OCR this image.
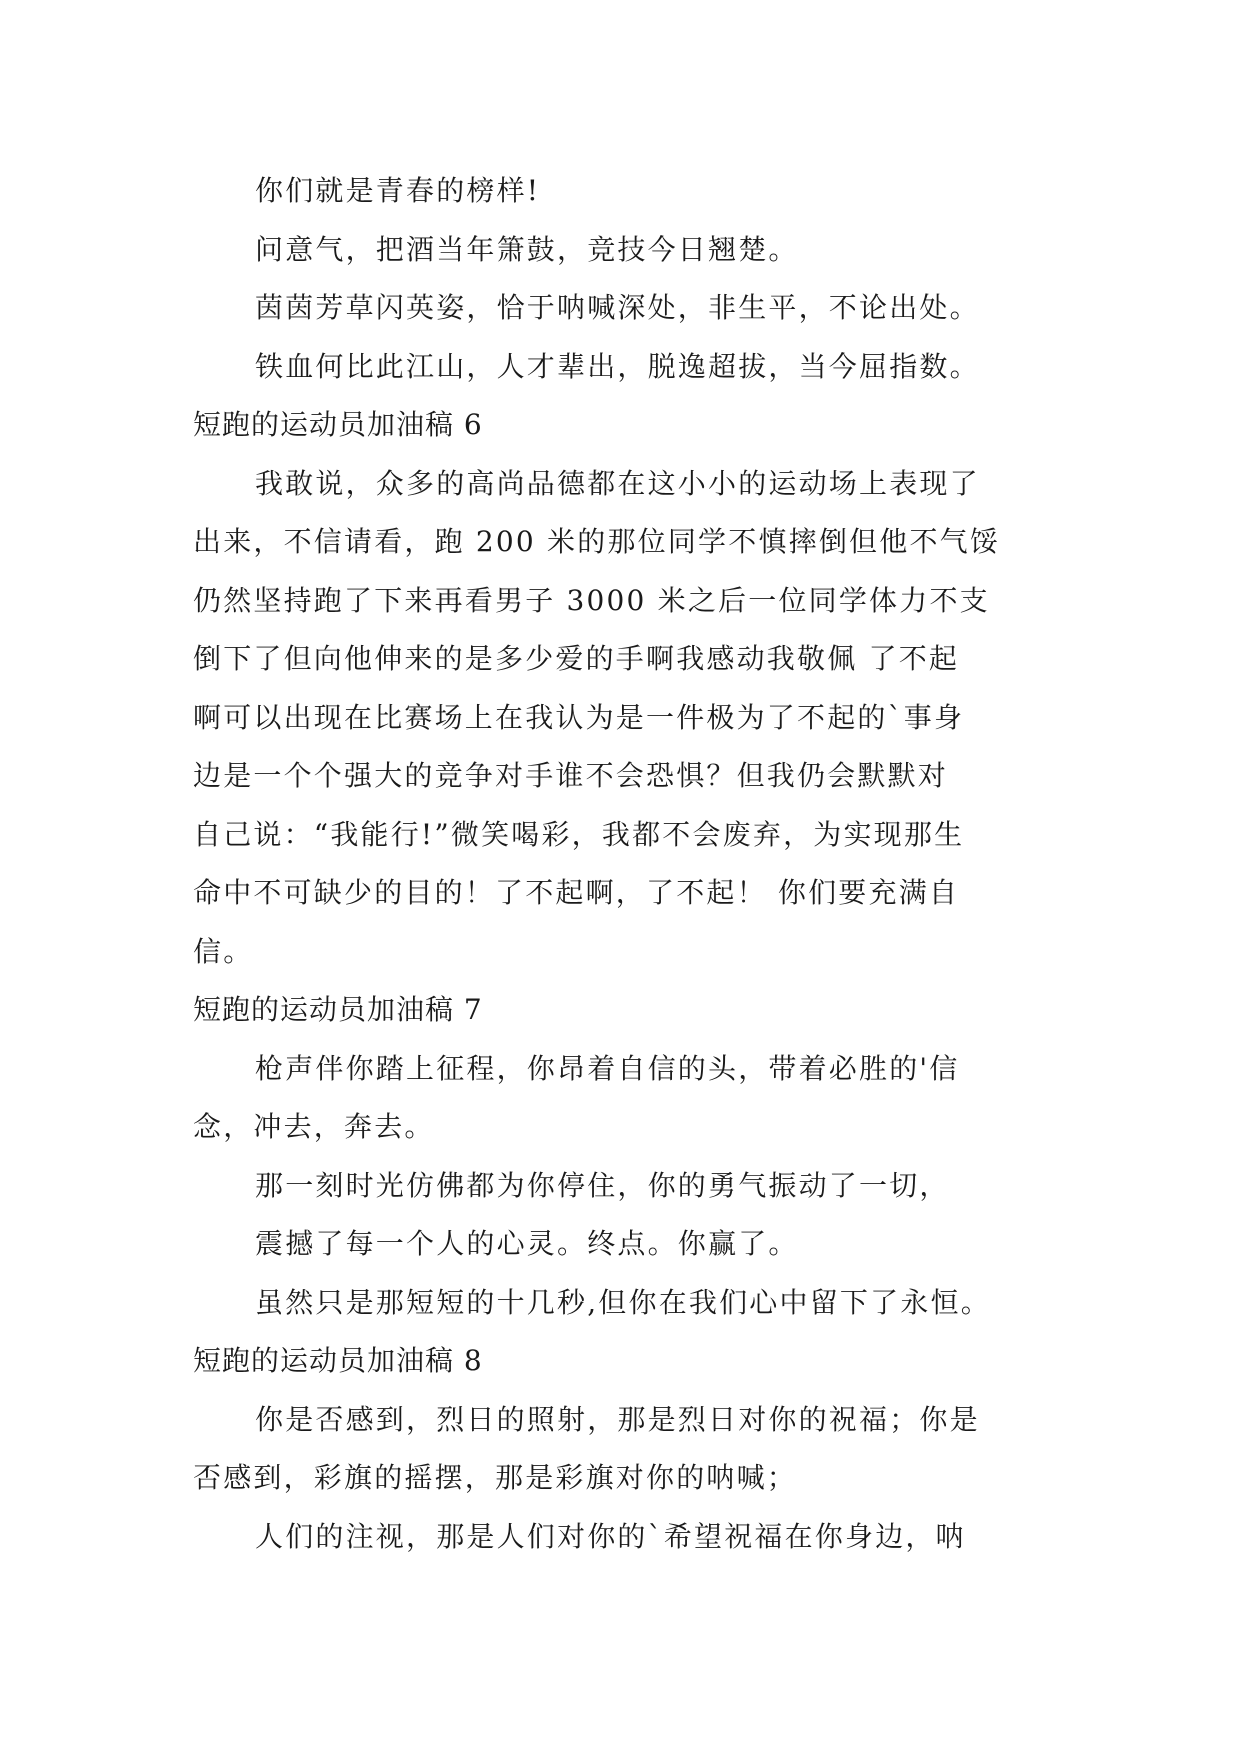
你们就是青春的榜样!
问意气，把酒当年箫鼓，竞技今日翘楚。
茵茵芳草闪英姿，恰于呐喊深处，非生平，不论出处。
铁血何比此江山，人才辈出，脱逸超拔，当今屈指数。
短跑的运动员加油稿 6
我敢说，众多的高尚品德都在这小小的运动场上表现了
出来，不信请看，跑 200 米的那位同学不慎摔倒但他不气馁
仍然坚持跑了下来再看男子 3000 米之后一位同学体力不支
倒下了但向他伸来的是多少爱的手啊我感动我敬佩 了不起
啊可以出现在比赛场上在我认为是一件极为了不起的`事身
边是一个个强大的竞争对手谁不会恐惧？但我仍会默默对
自己说：“我能行!”微笑喝彩，我都不会废弃，为实现那生
命中不可缺少的目的！了不起啊，了不起！ 你们要充满自
信。
短跑的运动员加油稿 7
枪声伴你踏上征程，你昂着自信的头，带着必胜的'信
念，冲去，奔去。
那一刻时光仿佛都为你停住，你的勇气振动了一切，
震撼了每一个人的心灵。终点。你赢了。
虽然只是那短短的十几秒,但你在我们心中留下了永恒。
短跑的运动员加油稿 8
你是否感到，烈日的照射，那是烈日对你的祝福；你是
否感到，彩旗的摇摆，那是彩旗对你的呐喊；
人们的注视，那是人们对你的`希望祝福在你身边，呐
